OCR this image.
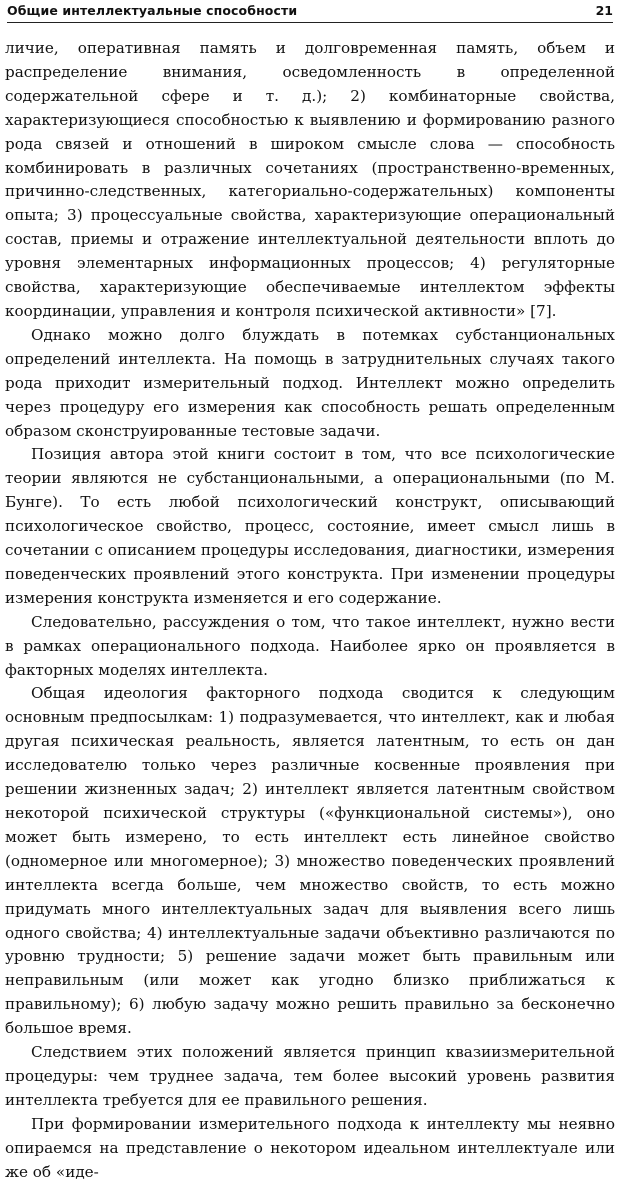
Общие интеллектуальные способности	21

личие, оперативная память и долговременная память, объем и распределение внимания, осведомленность в определенной содержательной сфере и т. д.); 2) комбинаторные свойства, характеризующиеся способностью к выявлению и формированию разного рода связей и отношений в широком смысле слова — способность комбинировать в различных сочетаниях (пространственно-временных, причинно-следственных, категориально-содержательных) компоненты опыта; 3) процессуальные свойства, характеризующие операциональный состав, приемы и отражение интеллектуальной деятельности вплоть до уровня элементарных информационных процессов; 4) регуляторные свойства, характеризующие обеспечиваемые интеллектом эффекты координации, управления и контроля психической активности» [7].

Однако можно долго блуждать в потемках субстанциональных определений интеллекта. На помощь в затруднительных случаях такого рода приходит измерительный подход. Интеллект можно определить через процедуру его измерения как способность решать определенным образом сконструированные тестовые задачи.

Позиция автора этой книги состоит в том, что все психологические теории являются не субстанциональными, а операциональными (по М. Бунге). То есть любой психологический конструкт, описывающий психологическое свойство, процесс, состояние, имеет смысл лишь в сочетании с описанием процедуры исследования, диагностики, измерения поведенческих проявлений этого конструкта. При изменении процедуры измерения конструкта изменяется и его содержание.

Следовательно, рассуждения о том, что такое интеллект, нужно вести в рамках операционального подхода. Наиболее ярко он проявляется в факторных моделях интеллекта.

Общая идеология факторного подхода сводится к следующим основным предпосылкам: 1) подразумевается, что интеллект, как и любая другая психическая реальность, является латентным, то есть он дан исследователю только через различные косвенные проявления при решении жизненных задач; 2) интеллект является латентным свойством некоторой психической структуры («функциональной системы»), оно может быть измерено, то есть интеллект есть линейное свойство (одномерное или многомерное); 3) множество поведенческих проявлений интеллекта всегда больше, чем множество свойств, то есть можно придумать много интеллектуальных задач для выявления всего лишь одного свойства; 4) интеллектуальные задачи объективно различаются по уровню трудности; 5) решение задачи может быть правильным или неправильным (или может как угодно близко приближаться к правильному); 6) любую задачу можно решить правильно за бесконечно большое время.

Следствием этих положений является принцип квазиизмерительной процедуры: чем труднее задача, тем более высокий уровень развития интеллекта требуется для ее правильного решения.

При формировании измерительного подхода к интеллекту мы неявно опираемся на представление о некотором идеальном интеллектуале или же об «иде-
